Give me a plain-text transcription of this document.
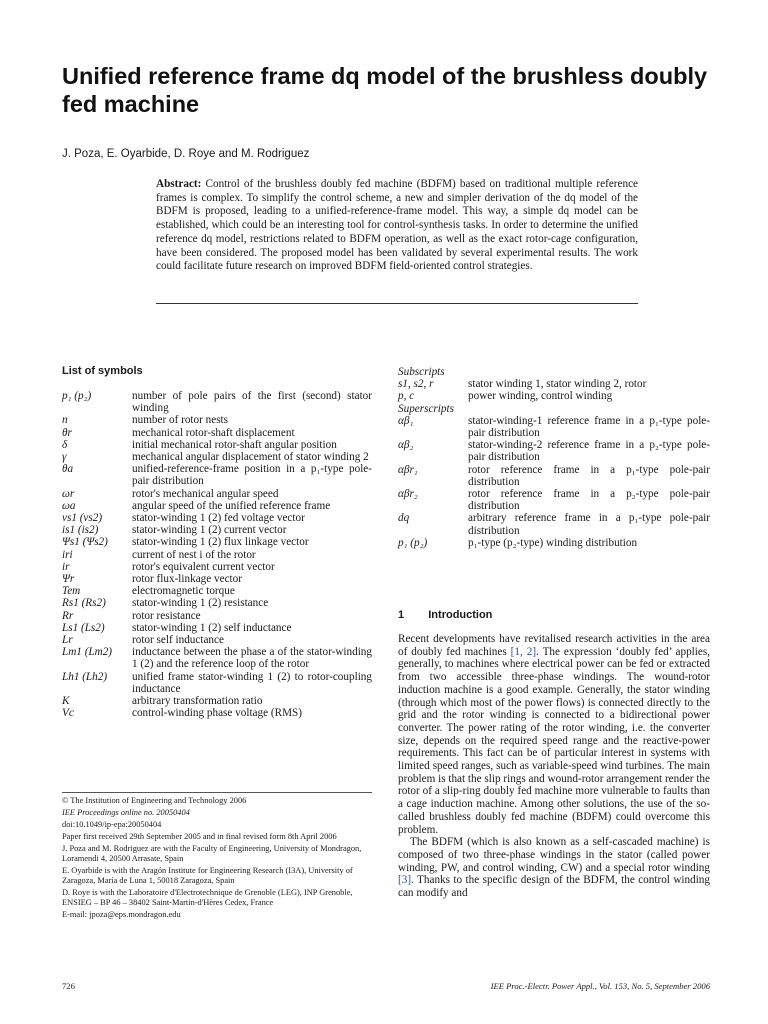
Unified reference frame dq model of the brushless doubly fed machine
J. Poza, E. Oyarbide, D. Roye and M. Rodriguez
Abstract: Control of the brushless doubly fed machine (BDFM) based on traditional multiple reference frames is complex. To simplify the control scheme, a new and simpler derivation of the dq model of the BDFM is proposed, leading to a unified-reference-frame model. This way, a simple dq model can be established, which could be an interesting tool for control-synthesis tasks. In order to determine the unified reference dq model, restrictions related to BDFM operation, as well as the exact rotor-cage configuration, have been considered. The proposed model has been validated by several experimental results. The work could facilitate future research on improved BDFM field-oriented control strategies.
List of symbols
p₁ (p₂)	number of pole pairs of the first (second) stator winding
n	number of rotor nests
θr	mechanical rotor-shaft displacement
δ	initial mechanical rotor-shaft angular position
γ	mechanical angular displacement of stator winding 2
θa	unified-reference-frame position in a p₁-type pole-pair distribution
ωr	rotor's mechanical angular speed
ωa	angular speed of the unified reference frame
vs1 (vs2)	stator-winding 1 (2) fed voltage vector
is1 (is2)	stator-winding 1 (2) current vector
Ψs1 (Ψs2)	stator-winding 1 (2) flux linkage vector
iri	current of nest i of the rotor
ir	rotor's equivalent current vector
Ψr	rotor flux-linkage vector
Tem	electromagnetic torque
Rs1 (Rs2)	stator-winding 1 (2) resistance
Rr	rotor resistance
Ls1 (Ls2)	stator-winding 1 (2) self inductance
Lr	rotor self inductance
Lm1 (Lm2)	inductance between the phase a of the stator-winding 1 (2) and the reference loop of the rotor
Lh1 (Lh2)	unified frame stator-winding 1 (2) to rotor-coupling inductance
K	arbitrary transformation ratio
Vc	control-winding phase voltage (RMS)
Subscripts
s1, s2, r	stator winding 1, stator winding 2, rotor
p, c	power winding, control winding
Superscripts
αβ₁	stator-winding-1 reference frame in a p₁-type pole-pair distribution
αβ₂	stator-winding-2 reference frame in a p₂-type pole-pair distribution
αβr₁	rotor reference frame in a p₁-type pole-pair distribution
αβr₂	rotor reference frame in a p₂-type pole-pair distribution
dq	arbitrary reference frame in a p₁-type pole-pair distribution
p₁ (p₂)	p₁-type (p₂-type) winding distribution
1 Introduction

Recent developments have revitalised research activities in the area of doubly fed machines [1, 2]. The expression ‘doubly fed’ applies, generally, to machines where electrical power can be fed or extracted from two accessible three-phase windings. The wound-rotor induction machine is a good example. Generally, the stator winding (through which most of the power flows) is connected directly to the grid and the rotor winding is connected to a bidirectional power converter. The power rating of the rotor winding, i.e. the converter size, depends on the required speed range and the reactive-power requirements. This fact can be of particular interest in systems with limited speed ranges, such as variable-speed wind turbines. The main problem is that the slip rings and wound-rotor arrangement render the rotor of a slip-ring doubly fed machine more vulnerable to faults than a cage induction machine. Among other solutions, the use of the so-called brushless doubly fed machine (BDFM) could overcome this problem.

The BDFM (which is also known as a self-cascaded machine) is composed of two three-phase windings in the stator (called power winding, PW, and control winding, CW) and a special rotor winding [3]. Thanks to the specific design of the BDFM, the control winding can modify and

© The Institution of Engineering and Technology 2006

IEE Proceedings online no. 20050404

doi:10.1049/ip-epa:20050404

Paper first received 29th September 2005 and in final revised form 8th April 2006

J. Poza and M. Rodriguez are with the Faculty of Engineering, University of Mondragon, Loramendi 4, 20500 Arrasate, Spain

E. Oyarbide is with the Aragón Institute for Engineering Research (I3A), University of Zaragoza, María de Luna 1, 50018 Zaragoza, Spain

D. Roye is with the Laboratoire d'Electrotechnique de Grenoble (LEG), INP Grenoble, ENSIEG – BP 46 – 38402 Saint-Martin-d'Hères Cedex, France

E-mail: jpoza@eps.mondragon.edu

726	IEE Proc.-Electr. Power Appl., Vol. 153, No. 5, September 2006
